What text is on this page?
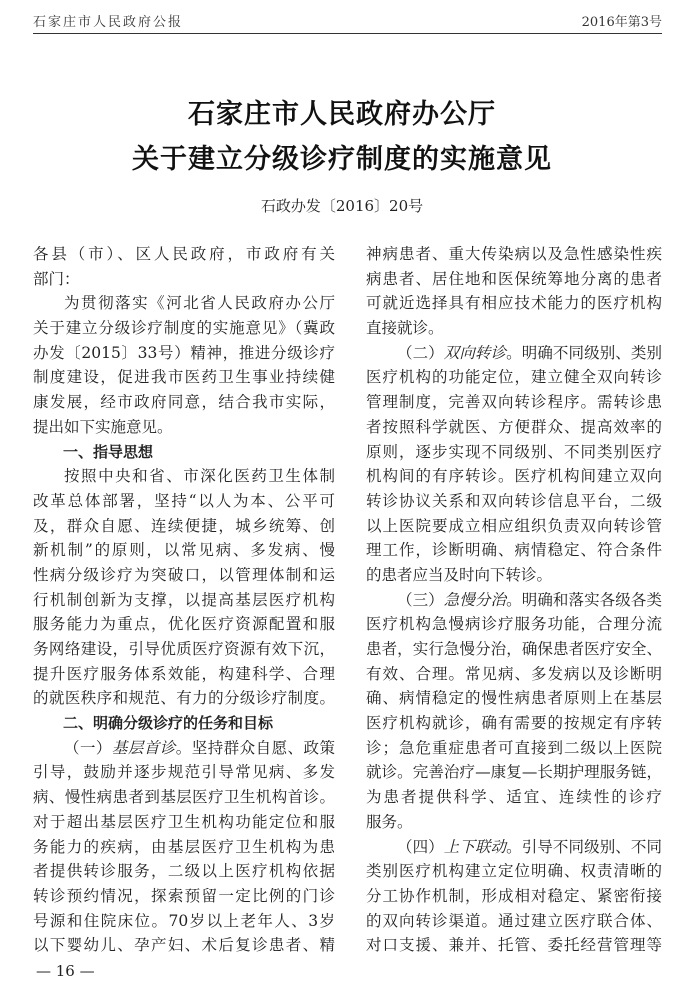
石家庄市人民政府公报	2016年第3号
石家庄市人民政府办公厅
关于建立分级诊疗制度的实施意见
石政办发〔2016〕20号
各县（市）、区人民政府，市政府有关
部门：
为贯彻落实《河北省人民政府办公厅
关于建立分级诊疗制度的实施意见》（冀政
办发〔2015〕33号）精神，推进分级诊疗
制度建设，促进我市医药卫生事业持续健
康发展，经市政府同意，结合我市实际，
提出如下实施意见。
一、指导思想
按照中央和省、市深化医药卫生体制
改革总体部署，坚持“以人为本、公平可
及，群众自愿、连续便捷，城乡统筹、创
新机制”的原则，以常见病、多发病、慢
性病分级诊疗为突破口，以管理体制和运
行机制创新为支撑，以提高基层医疗机构
服务能力为重点，优化医疗资源配置和服
务网络建设，引导优质医疗资源有效下沉，
提升医疗服务体系效能，构建科学、合理
的就医秩序和规范、有力的分级诊疗制度。
二、明确分级诊疗的任务和目标
（一）基层首诊。坚持群众自愿、政策
引导，鼓励并逐步规范引导常见病、多发
病、慢性病患者到基层医疗卫生机构首诊。
对于超出基层医疗卫生机构功能定位和服
务能力的疾病，由基层医疗卫生机构为患
者提供转诊服务，二级以上医疗机构依据
转诊预约情况，探索预留一定比例的门诊
号源和住院床位。70岁以上老年人、3岁
以下婴幼儿、孕产妇、术后复诊患者、精
神病患者、重大传染病以及急性感染性疾
病患者、居住地和医保统筹地分离的患者
可就近选择具有相应技术能力的医疗机构
直接就诊。
（二）双向转诊。明确不同级别、类别
医疗机构的功能定位，建立健全双向转诊
管理制度，完善双向转诊程序。需转诊患
者按照科学就医、方便群众、提高效率的
原则，逐步实现不同级别、不同类别医疗
机构间的有序转诊。医疗机构间建立双向
转诊协议关系和双向转诊信息平台，二级
以上医院要成立相应组织负责双向转诊管
理工作，诊断明确、病情稳定、符合条件
的患者应当及时向下转诊。
（三）急慢分治。明确和落实各级各类
医疗机构急慢病诊疗服务功能，合理分流
患者，实行急慢分治，确保患者医疗安全、
有效、合理。常见病、多发病以及诊断明
确、病情稳定的慢性病患者原则上在基层
医疗机构就诊，确有需要的按规定有序转
诊；急危重症患者可直接到二级以上医院
就诊。完善治疗—康复—长期护理服务链，
为患者提供科学、适宜、连续性的诊疗
服务。
（四）上下联动。引导不同级别、不同
类别医疗机构建立定位明确、权责清晰的
分工协作机制，形成相对稳定、紧密衔接
的双向转诊渠道。通过建立医疗联合体、
对口支援、兼并、托管、委托经营管理等
— 16 —
